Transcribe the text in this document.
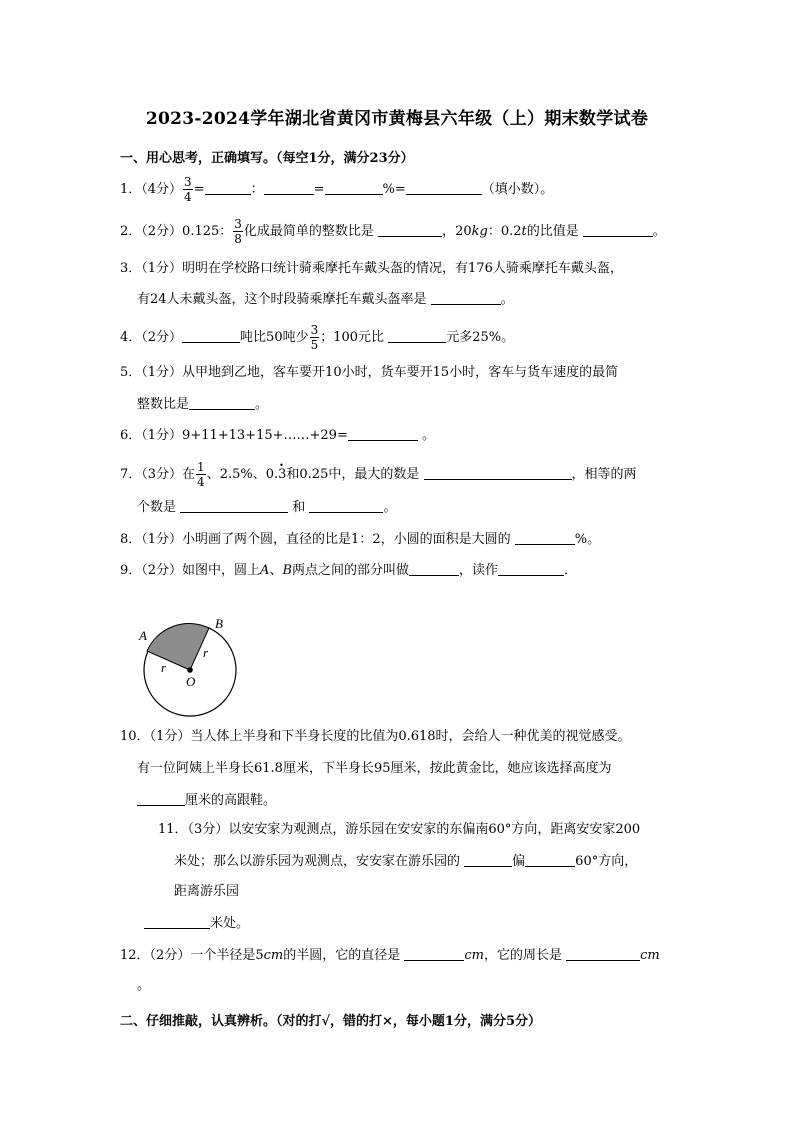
2023-2024学年湖北省黄冈市黄梅县六年级（上）期末数学试卷
一、用心思考，正确填写。（每空1分，满分23分）
1．（4分） $\frac{3}{4}$ =	：	=	%=	（填小数）。
2．（2分）0.125： $\frac{3}{8}$ 化成最简单的整数比是	，20kg：0.2t的比值是	。
3．（1分）明明在学校路口统计骑乘摩托车戴头盔的情况，有176人骑乘摩托车戴头盔，
有24人未戴头盔，这个时段骑乘摩托车戴头盔率是	。
4．（2分）	吨比50吨少 $\frac{3}{5}$ ；100元比	元多25%。
5．（1分）从甲地到乙地，客车要开10小时，货车要开15小时，客车与货车速度的最简
整数比是	。
6．（1分）9+11+13+15+……+29=	。
7．（3分）在 $\frac{1}{4}$ 、2.5%、0.• 3和0.25中，最大的数是	，相等的两
个数是	和	。
8．（1分）小明画了两个圆，直径的比是1：2，小圆的面积是大圆的	%。
9．（2分）如图中，圆上A、B两点之间的部分叫做	，读作	．
A
B
r
r
O
10．（1分）当人体上半身和下半身长度的比值为0.618时，会给人一种优美的视觉感受。
有一位阿姨上半身长61.8厘米，下半身长95厘米，按此黄金比，她应该选择高度为
厘米的高跟鞋。
11．（3分）以安安家为观测点，游乐园在安安家的东偏南60°方向，距离安安家200
米处；那么以游乐园为观测点，安安家在游乐园的	偏	60°方向，
距离游乐园
米处。
12．（2分）一个半径是5cm的半圆，它的直径是	cm，它的周长是	cm
。
二、仔细推敲，认真辨析。（对的打√，错的打×，每小题1分，满分5分）
